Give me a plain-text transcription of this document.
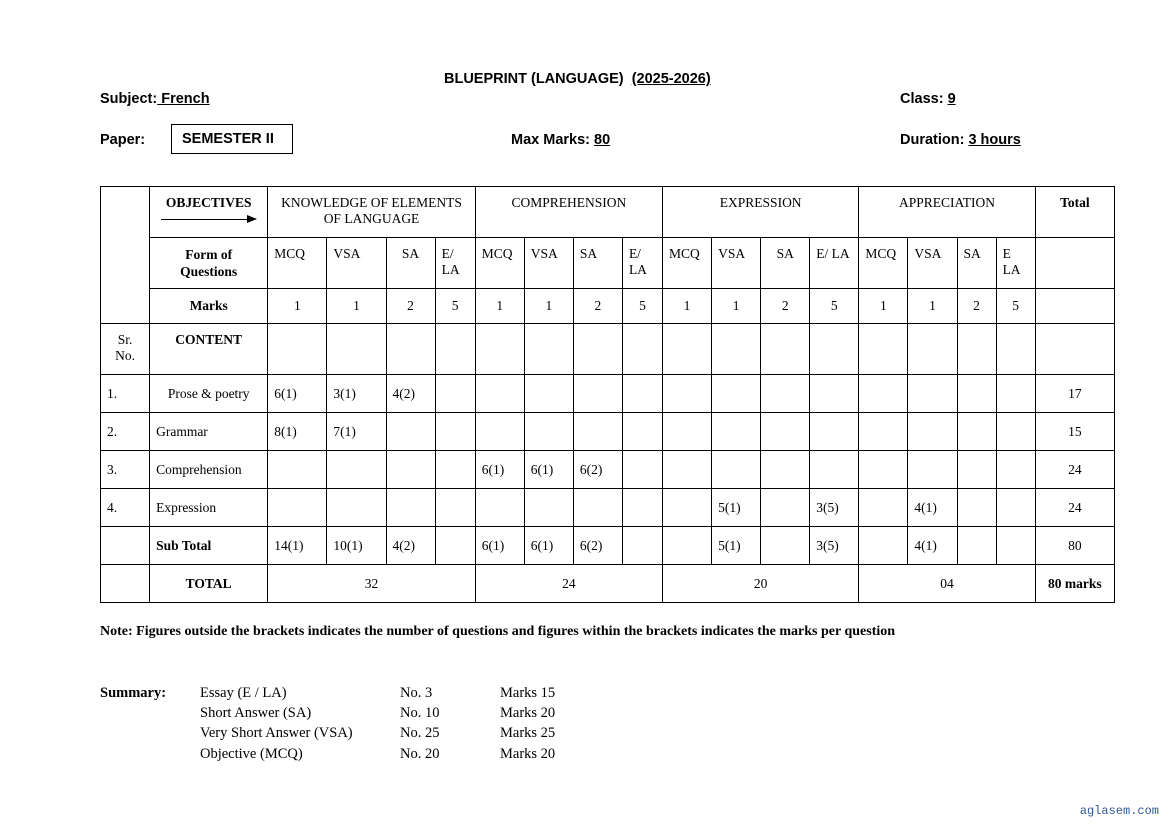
BLUEPRINT (LANGUAGE) (2025-2026)
Subject: French	Class: 9
Paper:	SEMESTER II	Max Marks: 80	Duration: 3 hours

	OBJECTIVES	KNOWLEDGE OF ELEMENTS OF LANGUAGE				COMPREHENSION				EXPRESSION				APPRECIATION				Total
	Form of Questions	MCQ	VSA	SA	E/ LA	MCQ	VSA	SA	E/ LA	MCQ	VSA	SA	E/ LA	MCQ	VSA	SA	E LA	
	Marks	1	1	2	5	1	1	2	5	1	1	2	5	1	1	2	5	
Sr. No.	CONTENT																	
1.	Prose & poetry	6(1)	3(1)	4(2)														17
2.	Grammar	8(1)	7(1)															15
3.	Comprehension					6(1)	6(1)	6(2)										24
4.	Expression										5(1)		3(5)		4(1)			24
	Sub Total	14(1)	10(1)	4(2)		6(1)	6(1)	6(2)			5(1)		3(5)		4(1)			80
	TOTAL	32				24				20				04				80 marks
Note: Figures outside the brackets indicates the number of questions and figures within the brackets indicates the marks per question
Summary: Essay (E / LA)	No. 3	Marks 15
Short Answer (SA)	No. 10	Marks 20
Very Short Answer (VSA)	No. 25	Marks 25
Objective (MCQ)	No. 20	Marks 20
aglasem.com
